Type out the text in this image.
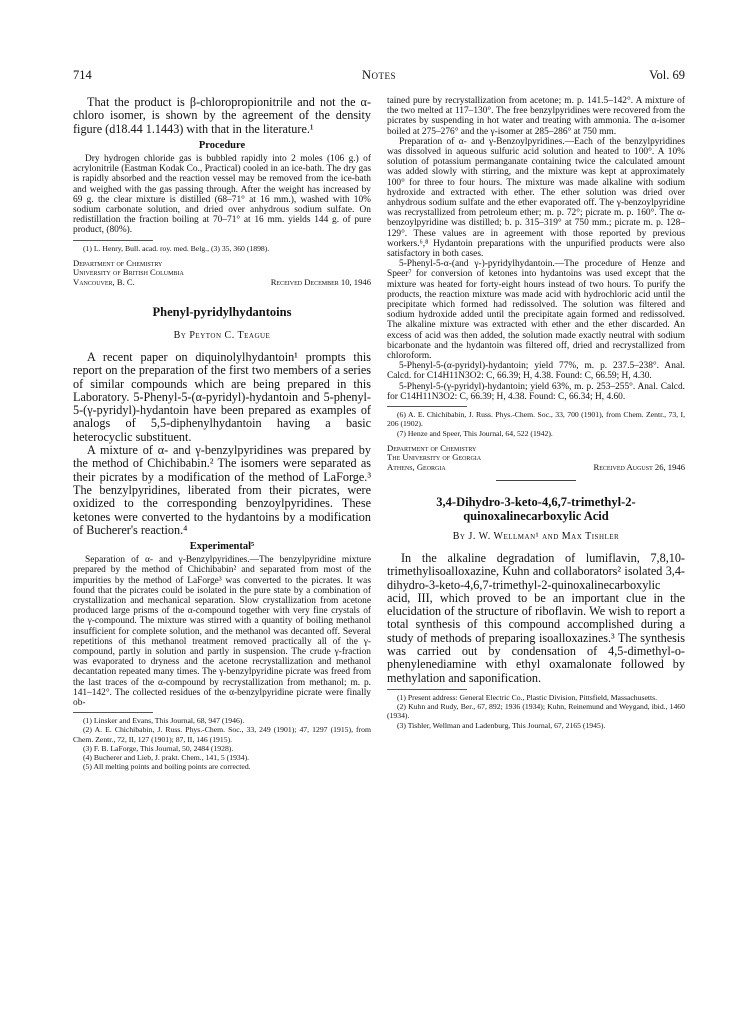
714	Notes	Vol. 69

That the product is β-chloropropionitrile and not the α-chloro isomer, is shown by the agreement of the density figure (d18.44 1.1443) with that in the literature.¹

Procedure

Dry hydrogen chloride gas is bubbled rapidly into 2 moles (106 g.) of acrylonitrile (Eastman Kodak Co., Practical) cooled in an ice-bath. The dry gas is rapidly absorbed and the reaction vessel may be removed from the ice-bath and weighed with the gas passing through. After the weight has increased by 69 g. the clear mixture is distilled (68–71° at 16 mm.), washed with 10% sodium carbonate solution, and dried over anhydrous sodium sulfate. On redistillation the fraction boiling at 70–71° at 16 mm. yields 144 g. of pure product, (80%).

(1) L. Henry, Bull. acad. roy. med. Belg., (3) 35, 360 (1898).

Department of Chemistry
University of British Columbia
Vancouver, B. C.	Received December 10, 1946
Phenyl-pyridylhydantoins
By Peyton C. Teague

A recent paper on diquinolylhydantoin¹ prompts this report on the preparation of the first two members of a series of similar compounds which are being prepared in this Laboratory. 5-Phenyl-5-(α-pyridyl)-hydantoin and 5-phenyl-5-(γ-pyridyl)-hydantoin have been prepared as examples of analogs of 5,5-diphenylhydantoin having a basic heterocyclic substituent.

A mixture of α- and γ-benzylpyridines was prepared by the method of Chichibabin.² The isomers were separated as their picrates by a modification of the method of LaForge.³ The benzylpyridines, liberated from their picrates, were oxidized to the corresponding benzoylpyridines. These ketones were converted to the hydantoins by a modification of Bucherer's reaction.⁴

Experimental⁵

Separation of α- and γ-Benzylpyridines.—The benzylpyridine mixture prepared by the method of Chichibabin² and separated from most of the impurities by the method of LaForge³ was converted to the picrates. It was found that the picrates could be isolated in the pure state by a combination of crystallization and mechanical separation. Slow crystallization from acetone produced large prisms of the α-compound together with very fine crystals of the γ-compound. The mixture was stirred with a quantity of boiling methanol insufficient for complete solution, and the methanol was decanted off. Several repetitions of this methanol treatment removed practically all of the γ-compound, partly in solution and partly in suspension. The crude γ-fraction was evaporated to dryness and the acetone recrystallization and methanol decantation repeated many times. The γ-benzylpyridine picrate was freed from the last traces of the α-compound by recrystallization from methanol; m. p. 141–142°. The collected residues of the α-benzylpyridine picrate were finally ob-

(1) Linsker and Evans, This Journal, 68, 947 (1946).

(2) A. E. Chichibabin, J. Russ. Phys.-Chem. Soc., 33, 249 (1901); 47, 1297 (1915), from Chem. Zentr., 72, II, 127 (1901); 87, II, 146 (1915).

(3) F. B. LaForge, This Journal, 50, 2484 (1928).

(4) Bucherer and Lieb, J. prakt. Chem., 141, 5 (1934).

(5) All melting points and boiling points are corrected.

tained pure by recrystallization from acetone; m. p. 141.5–142°. A mixture of the two melted at 117–130°. The free benzylpyridines were recovered from the picrates by suspending in hot water and treating with ammonia. The α-isomer boiled at 275–276° and the γ-isomer at 285–286° at 750 mm.

Preparation of α- and γ-Benzoylpyridines.—Each of the benzylpyridines was dissolved in aqueous sulfuric acid solution and heated to 100°. A 10% solution of potassium permanganate containing twice the calculated amount was added slowly with stirring, and the mixture was kept at approximately 100° for three to four hours. The mixture was made alkaline with sodium hydroxide and extracted with ether. The ether solution was dried over anhydrous sodium sulfate and the ether evaporated off. The γ-benzoylpyridine was recrystallized from petroleum ether; m. p. 72°; picrate m. p. 160°. The α-benzoylpyridine was distilled; b. p. 315–319° at 750 mm.; picrate m. p. 128–129°. These values are in agreement with those reported by previous workers.⁶,⁸ Hydantoin preparations with the unpurified products were also satisfactory in both cases.

5-Phenyl-5-α-(and γ-)-pyridylhydantoin.—The procedure of Henze and Speer⁷ for conversion of ketones into hydantoins was used except that the mixture was heated for forty-eight hours instead of two hours. To purify the products, the reaction mixture was made acid with hydrochloric acid until the precipitate which formed had redissolved. The solution was filtered and sodium hydroxide added until the precipitate again formed and redissolved. The alkaline mixture was extracted with ether and the ether discarded. An excess of acid was then added, the solution made exactly neutral with sodium bicarbonate and the hydantoin was filtered off, dried and recrystallized from chloroform.

5-Phenyl-5-(α-pyridyl)-hydantoin; yield 77%, m. p. 237.5–238°. Anal. Calcd. for C14H11N3O2: C, 66.39; H, 4.38. Found: C, 66.59; H, 4.30.

5-Phenyl-5-(γ-pyridyl)-hydantoin; yield 63%, m. p. 253–255°. Anal. Calcd. for C14H11N3O2: C, 66.39; H, 4.38. Found: C, 66.34; H, 4.60.

(6) A. E. Chichibabin, J. Russ. Phys.-Chem. Soc., 33, 700 (1901), from Chem. Zentr., 73, I, 206 (1902).

(7) Henze and Speer, This Journal, 64, 522 (1942).

Department of Chemistry
The University of Georgia
Athens, Georgia	Received August 26, 1946
3,4-Dihydro-3-keto-4,6,7-trimethyl-2-quinoxalinecarboxylic Acid
By J. W. Wellman¹ and Max Tishler

In the alkaline degradation of lumiflavin, 7,8,10-trimethylisoalloxazine, Kuhn and collaborators² isolated 3,4-dihydro-3-keto-4,6,7-trimethyl-2-quinoxalinecarboxylic acid, III, which proved to be an important clue in the elucidation of the structure of riboflavin. We wish to report a total synthesis of this compound accomplished during a study of methods of preparing isoalloxazines.³ The synthesis was carried out by condensation of 4,5-dimethyl-o-phenylenediamine with ethyl oxamalonate followed by methylation and saponification.

(1) Present address: General Electric Co., Plastic Division, Pittsfield, Massachusetts.

(2) Kuhn and Rudy, Ber., 67, 892; 1936 (1934); Kuhn, Reinemund and Weygand, ibid., 1460 (1934).

(3) Tishler, Wellman and Ladenburg, This Journal, 67, 2165 (1945).
